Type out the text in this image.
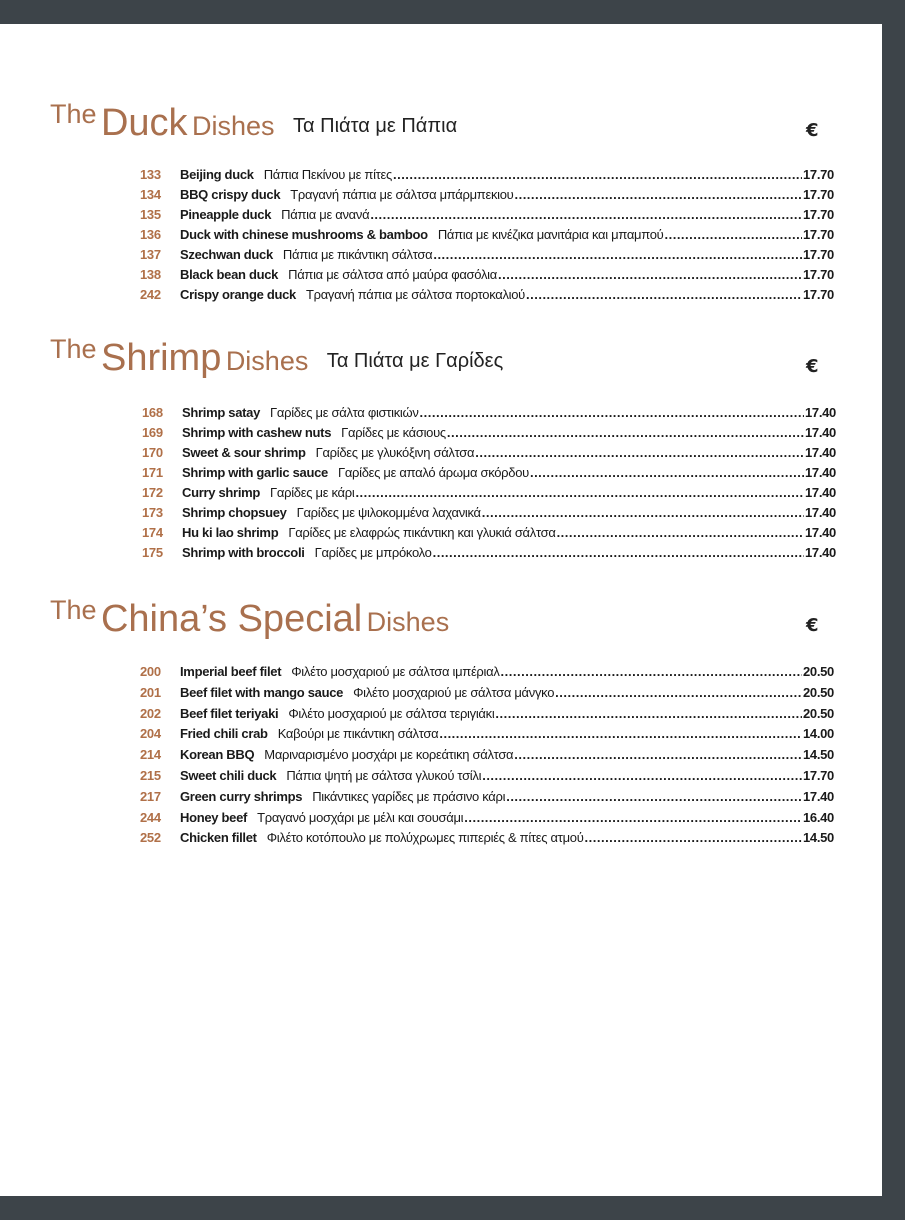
The Duck Dishes Τα Πιάτα με Πάπια	€
133	Beijing duck Πάπια Πεκίνου με πίτες .....	17.70
134	BBQ crispy duck Τραγανή πάπια με σάλτσα μπάρμπεκιου .....	17.70
135	Pineapple duck Πάπια με ανανά .....	17.70
136	Duck with chinese mushrooms & bamboo Πάπια με κινέζικα μανιτάρια και μπαμπού .....	17.70
137	Szechwan duck Πάπια με πικάντικη σάλτσα .....	17.70
138	Black bean duck Πάπια με σάλτσα από μαύρα φασόλια .....	17.70
242	Crispy orange duck Τραγανή πάπια με σάλτσα πορτοκαλιού .....	17.70
The Shrimp Dishes Τα Πιάτα με Γαρίδες	€
168	Shrimp satay Γαρίδες με σάλτα φιστικιών .....	17.40
169	Shrimp with cashew nuts Γαρίδες με κάσιους .....	17.40
170	Sweet & sour shrimp Γαρίδες με γλυκόξινη σάλτσα .....	17.40
171	Shrimp with garlic sauce Γαρίδες με απαλό άρωμα σκόρδου .....	17.40
172	Curry shrimp Γαρίδες με κάρι .....	17.40
173	Shrimp chopsuey Γαρίδες με ψιλοκομμένα λαχανικά .....	17.40
174	Hu ki lao shrimp Γαρίδες με ελαφρώς πικάντικη και γλυκιά σάλτσα .....	17.40
175	Shrimp with broccoli Γαρίδες με μπρόκολο .....	17.40
The China’s Special Dishes	€
200	Imperial beef filet Φιλέτο μοσχαριού με σάλτσα ιμπέριαλ .....	20.50
201	Beef filet with mango sauce Φιλέτο μοσχαριού με σάλτσα μάνγκο .....	20.50
202	Beef filet teriyaki Φιλέτο μοσχαριού με σάλτσα τεριγιάκι .....	20.50
204	Fried chili crab Καβούρι με πικάντικη σάλτσα .....	14.00
214	Korean BBQ Μαριναρισμένο μοσχάρι με κορεάτικη σάλτσα .....	14.50
215	Sweet chili duck Πάπια ψητή με σάλτσα γλυκού τσίλι .....	17.70
217	Green curry shrimps Πικάντικες γαρίδες με πράσινο κάρι .....	17.40
244	Honey beef Τραγανό μοσχάρι με μέλι και σουσάμι .....	16.40
252	Chicken fillet Φιλέτο κοτόπουλο με πολύχρωμες πιπεριές & πίτες ατμού .....	14.50
